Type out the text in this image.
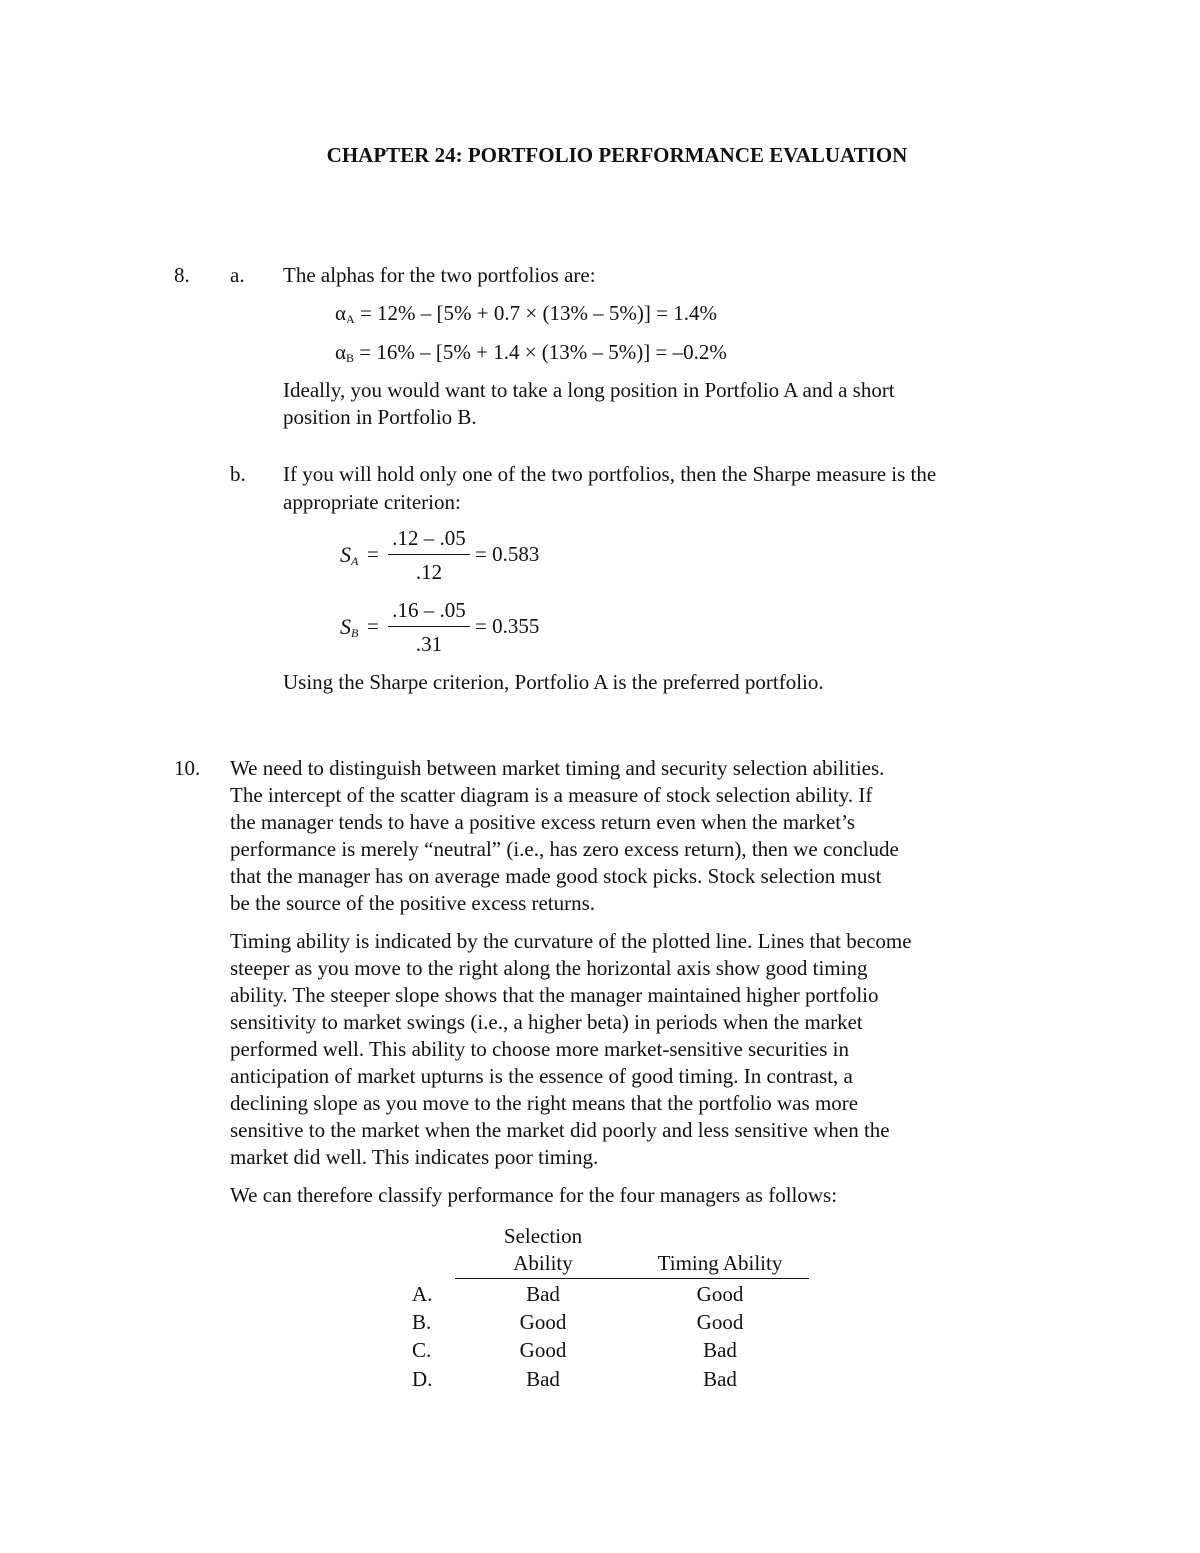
CHAPTER 24: PORTFOLIO PERFORMANCE EVALUATION
8. a. The alphas for the two portfolios are:
αA = 12% – [5% + 0.7 × (13% – 5%)] = 1.4%
αB = 16% – [5% + 1.4 × (13% – 5%)] = –0.2%
Ideally, you would want to take a long position in Portfolio A and a short
position in Portfolio B.
b. If you will hold only one of the two portfolios, then the Sharpe measure is the
appropriate criterion:
SA =
.12 – .05
.12
= 0.583
SB =
.16 – .05
.31
= 0.355
Using the Sharpe criterion, Portfolio A is the preferred portfolio.
10. We need to distinguish between market timing and security selection abilities.
The intercept of the scatter diagram is a measure of stock selection ability. If
the manager tends to have a positive excess return even when the market’s
performance is merely “neutral” (i.e., has zero excess return), then we conclude
that the manager has on average made good stock picks. Stock selection must
be the source of the positive excess returns.
Timing ability is indicated by the curvature of the plotted line. Lines that become
steeper as you move to the right along the horizontal axis show good timing
ability. The steeper slope shows that the manager maintained higher portfolio
sensitivity to market swings (i.e., a higher beta) in periods when the market
performed well. This ability to choose more market-sensitive securities in
anticipation of market upturns is the essence of good timing. In contrast, a
declining slope as you move to the right means that the portfolio was more
sensitive to the market when the market did poorly and less sensitive when the
market did well. This indicates poor timing.
We can therefore classify performance for the four managers as follows:
Selection
Ability	Timing Ability
A.	Bad	Good
B.	Good	Good
C.	Good	Bad
D.	Bad	Bad
